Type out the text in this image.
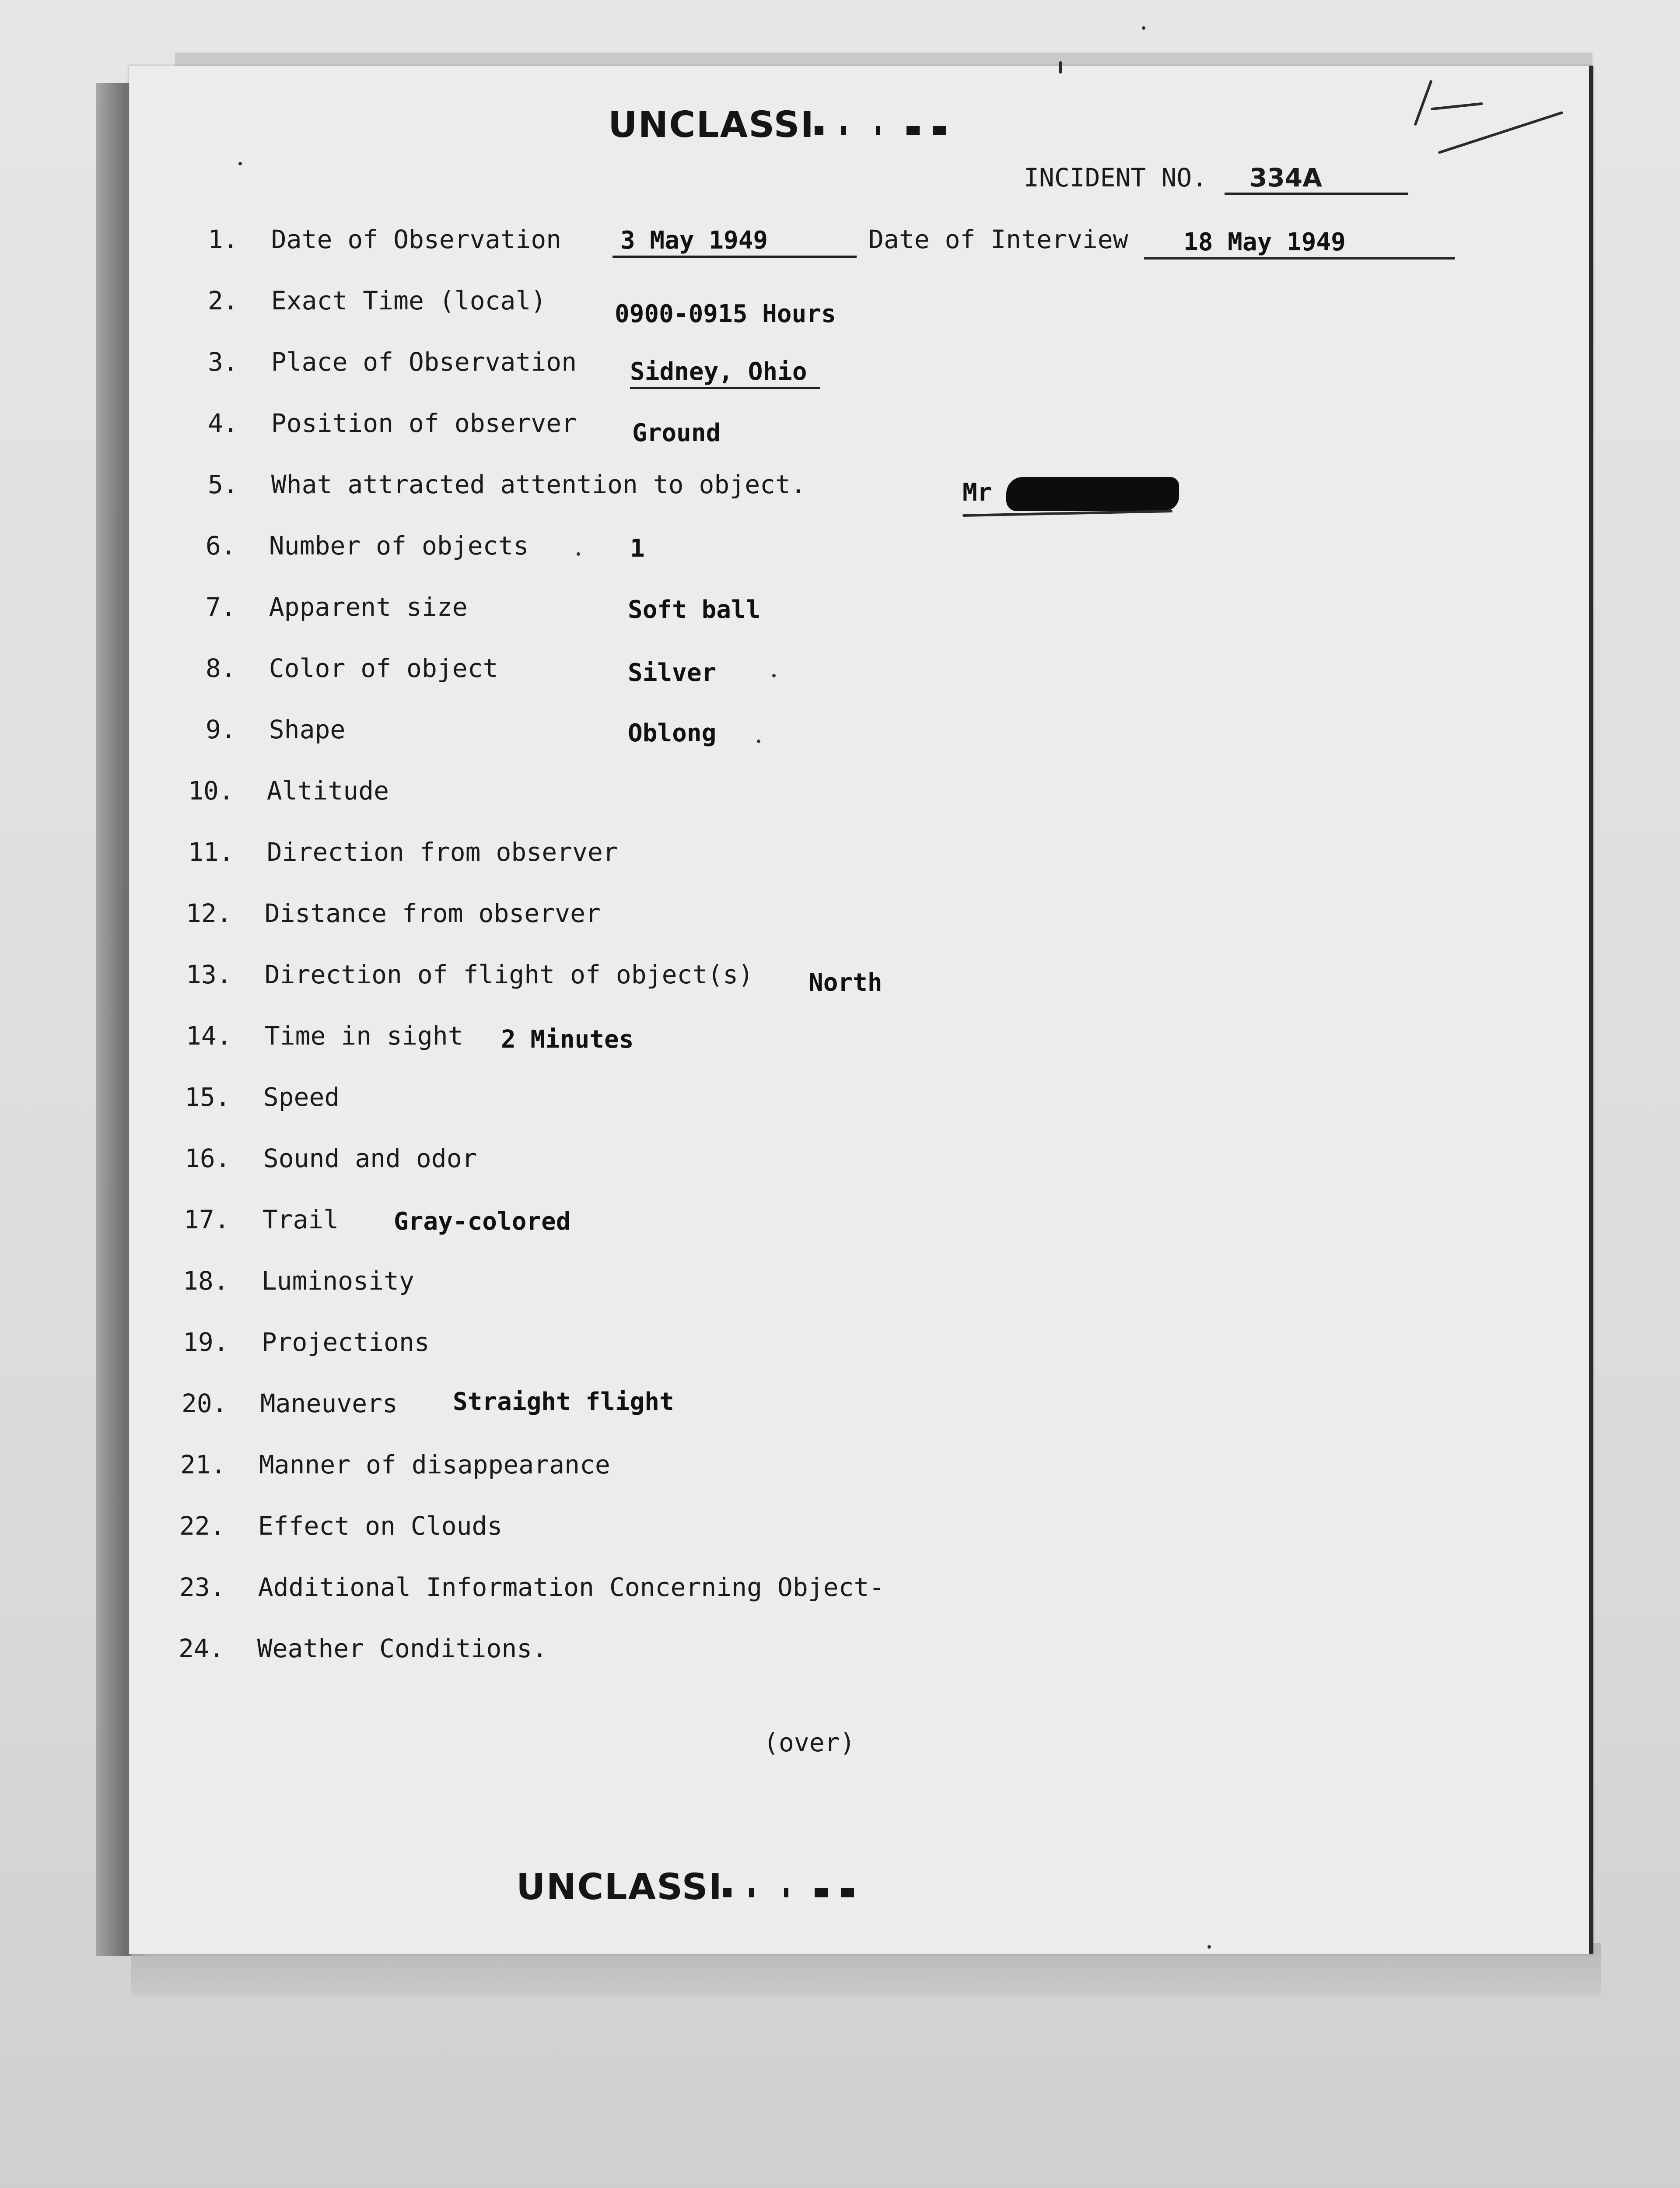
UNCLASSI
INCIDENT NO. 334A
1. Date of Observation	3 May 1949	Date of Interview	18 May 1949
2. Exact Time (local)	0900-0915 Hours
3. Place of Observation Sidney, Ohio
4. Position of observer Ground
5. What attracted attention to object.	Mr
6. Number of objects	1
7. Apparent size	Soft ball
8. Color of object	Silver
9. Shape	Oblong
10. Altitude
11. Direction from observer
12. Distance from observer
13. Direction of flight of object(s) North
14. Time in sight 2 Minutes
15. Speed
16. Sound and odor
17. Trail Gray-colored
18. Luminosity
19. Projections
20. Maneuvers Straight flight
21. Manner of disappearance
22. Effect on Clouds
23. Additional Information Concerning Object-
24. Weather Conditions.
(over)
UNCLASSI
